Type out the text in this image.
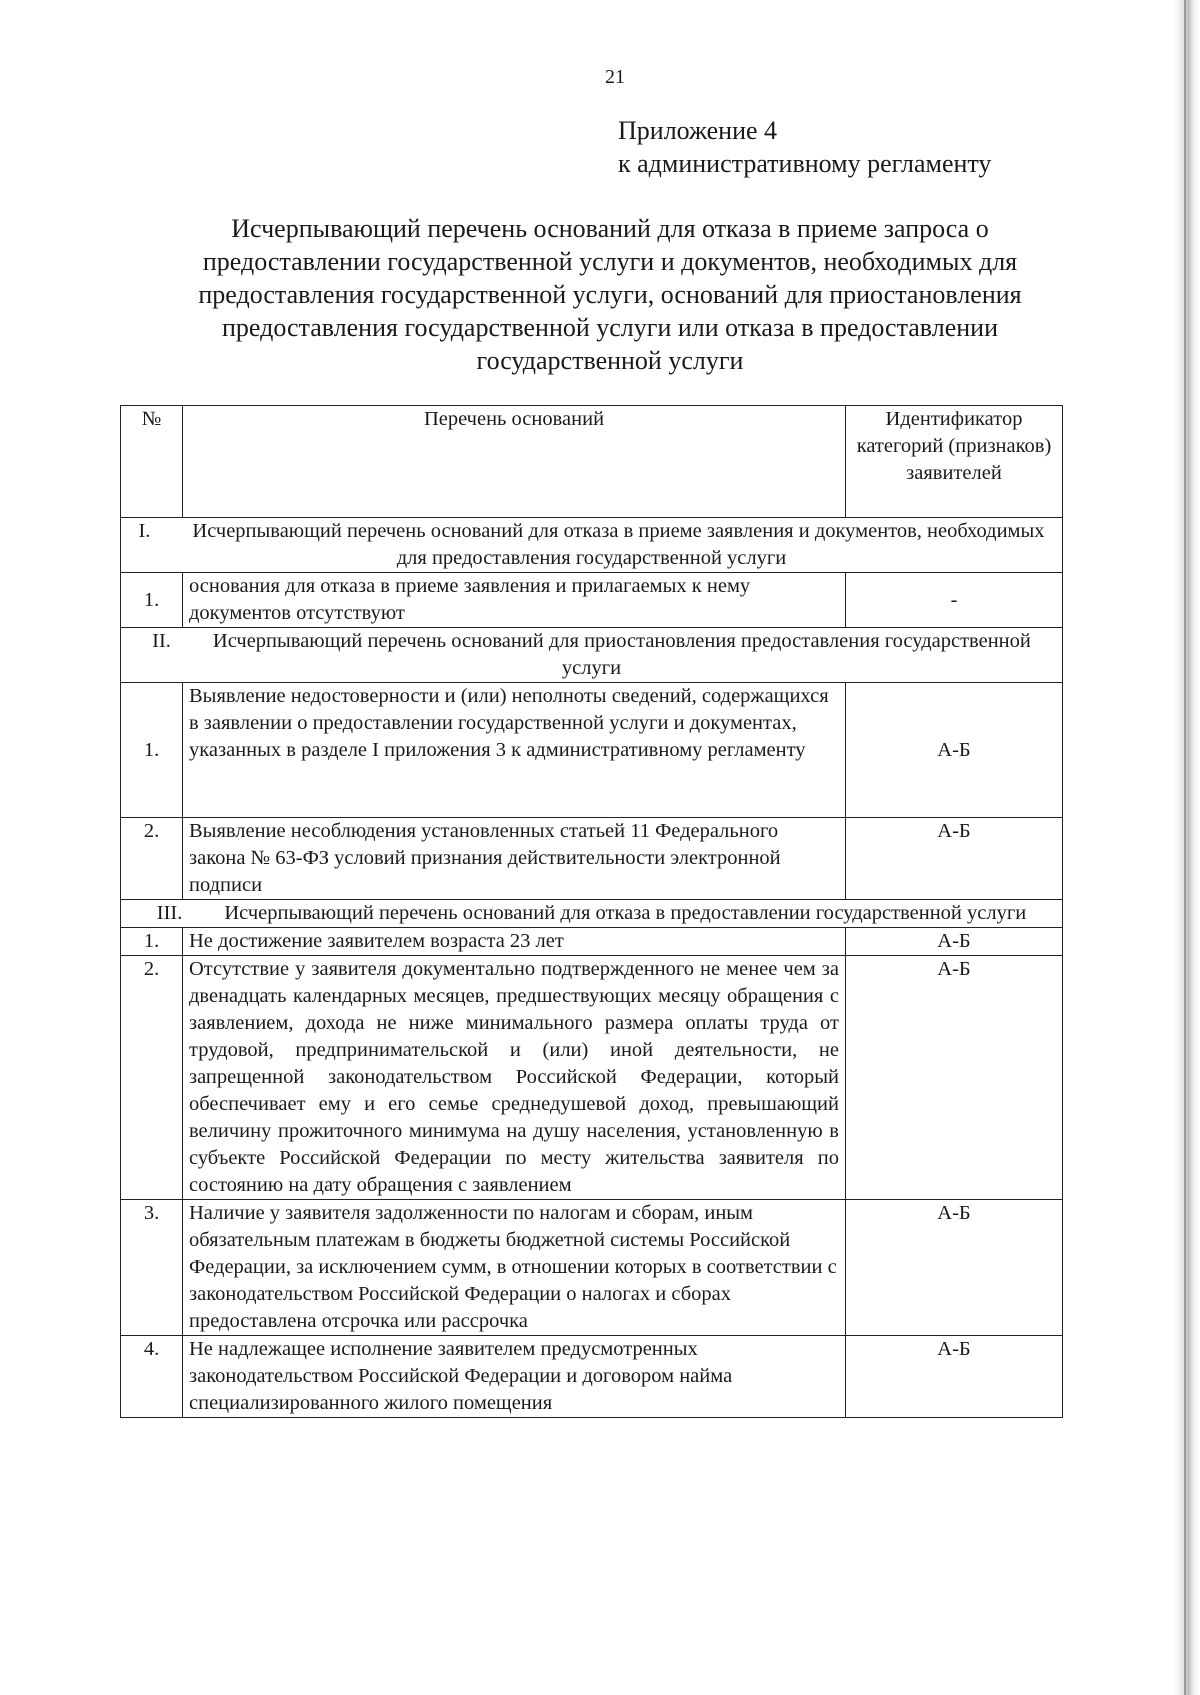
21
Приложение 4
к административному регламенту
Исчерпывающий перечень оснований для отказа в приеме запроса о предоставлении государственной услуги и документов, необходимых для предоставления государственной услуги, оснований для приостановления предоставления государственной услуги или отказа в предоставлении государственной услуги
№	Перечень оснований	Идентификатор категорий (признаков) заявителей
I. Исчерпывающий перечень оснований для отказа в приеме заявления и документов, необходимых для предоставления государственной услуги		
1.	основания для отказа в приеме заявления и прилагаемых к нему документов отсутствуют	-
II. Исчерпывающий перечень оснований для приостановления предоставления государственной услуги		
1.	Выявление недостоверности и (или) неполноты сведений, содержащихся в заявлении о предоставлении государственной услуги и документах, указанных в разделе I приложения 3 к административному регламенту	А-Б
2.	Выявление несоблюдения установленных статьей 11 Федерального закона № 63-ФЗ условий признания действительности электронной подписи	А-Б
III. Исчерпывающий перечень оснований для отказа в предоставлении государственной услуги		
1.	Не достижение заявителем возраста 23 лет	А-Б
2.	Отсутствие у заявителя документально подтвержденного не менее чем за двенадцать календарных месяцев, предшествующих месяцу обращения с заявлением, дохода не ниже минимального размера оплаты труда от трудовой, предпринимательской и (или) иной деятельности, не запрещенной законодательством Российской Федерации, который обеспечивает ему и его семье среднедушевой доход, превышающий величину прожиточного минимума на душу населения, установленную в субъекте Российской Федерации по месту жительства заявителя по состоянию на дату обращения с заявлением	А-Б
3.	Наличие у заявителя задолженности по налогам и сборам, иным обязательным платежам в бюджеты бюджетной системы Российской Федерации, за исключением сумм, в отношении которых в соответствии с законодательством Российской Федерации о налогах и сборах предоставлена отсрочка или рассрочка	А-Б
4.	Не надлежащее исполнение заявителем предусмотренных законодательством Российской Федерации и договором найма специализированного жилого помещения	А-Б
